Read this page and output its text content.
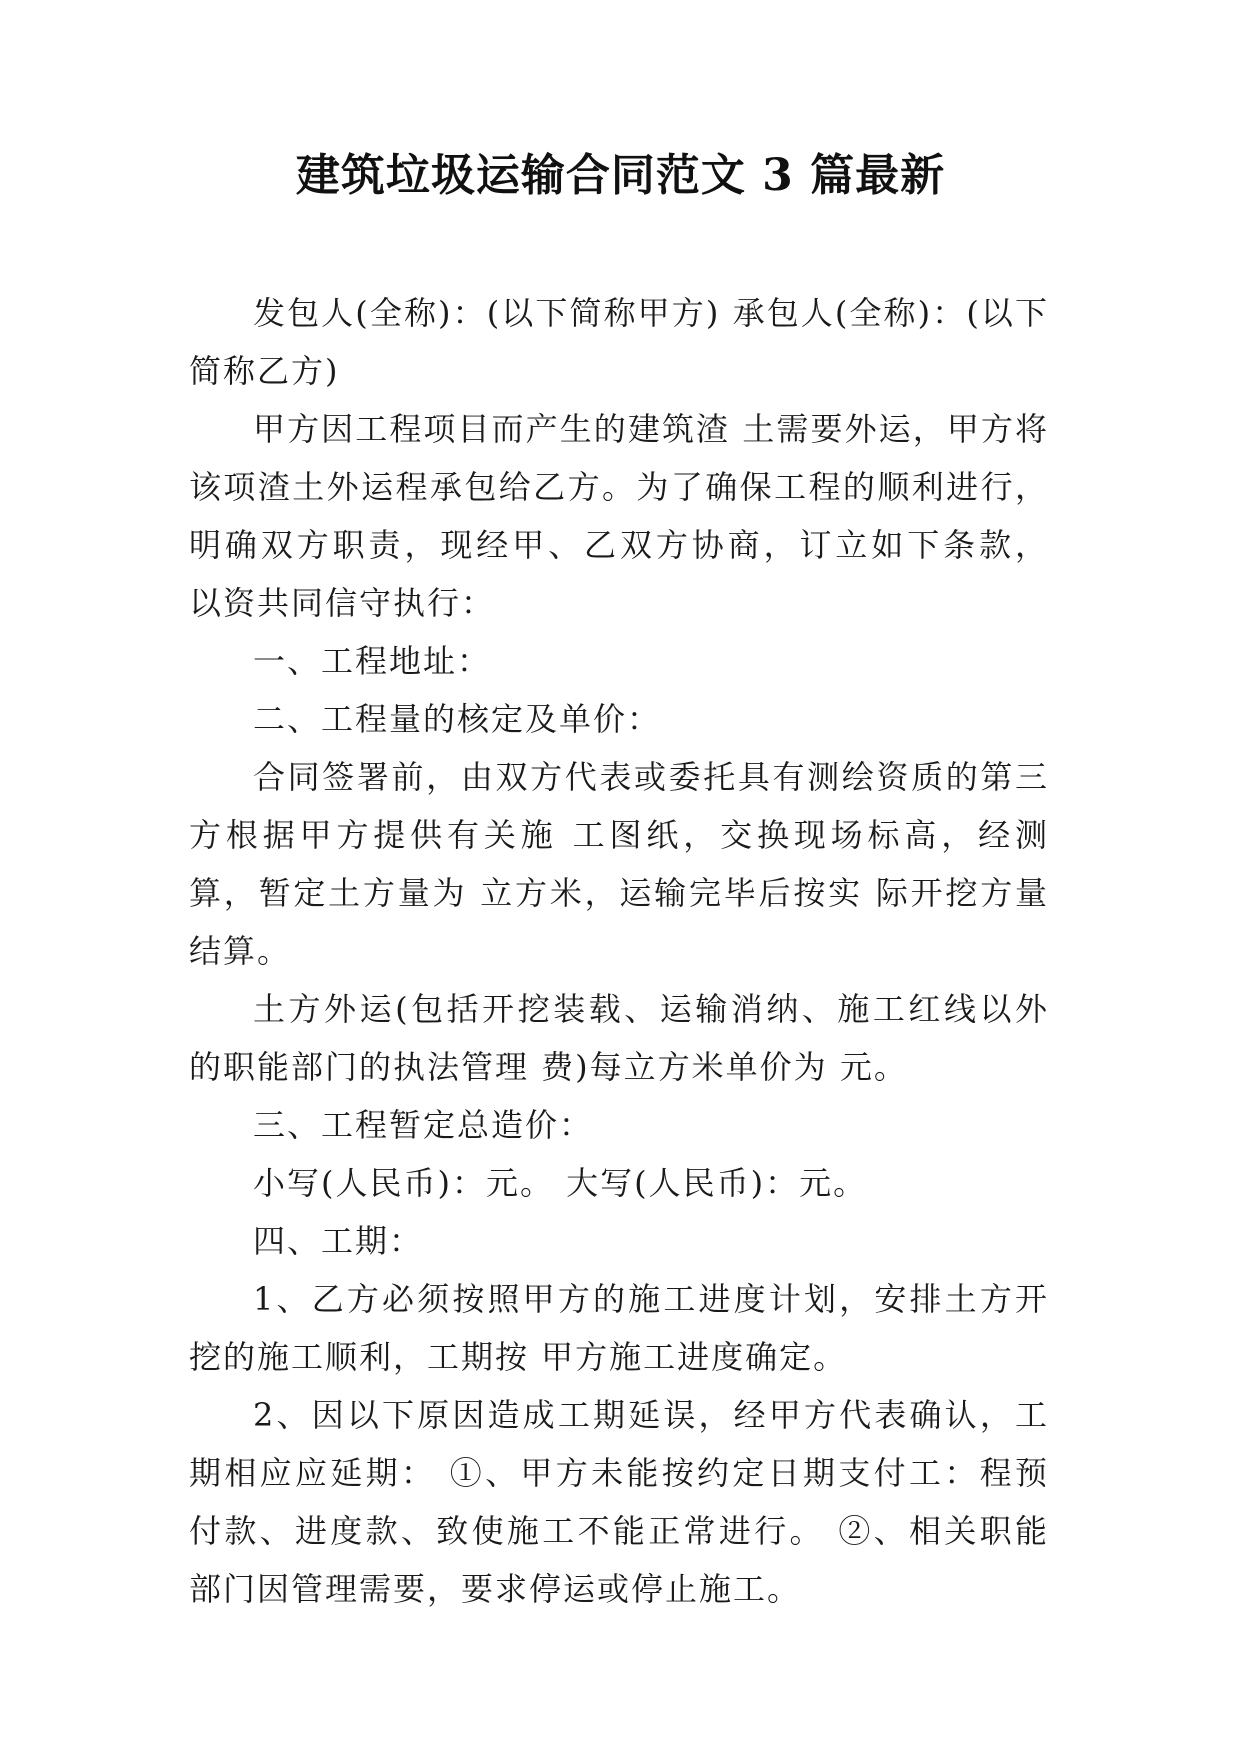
建筑垃圾运输合同范文 3 篇最新

发包人(全称)：(以下简称甲方) 承包人(全称)：(以下简称乙方)

甲方因工程项目而产生的建筑渣 土需要外运，甲方将该项渣土外运程承包给乙方。为了确保工程的顺利进行，明确双方职责，现经甲、乙双方协商，订立如下条款， 以资共同信守执行：

一、工程地址：

二、工程量的核定及单价：

合同签署前，由双方代表或委托具有测绘资质的第三方根据甲方提供有关施 工图纸，交换现场标高，经测算，暂定土方量为 立方米，运输完毕后按实 际开挖方量结算。

土方外运(包括开挖装载、运输消纳、施工红线以外的职能部门的执法管理 费)每立方米单价为 元。

三、工程暂定总造价：

小写(人民币)：元。 大写(人民币)：元。

四、工期：

1、乙方必须按照甲方的施工进度计划，安排土方开挖的施工顺利，工期按 甲方施工进度确定。

2、因以下原因造成工期延误，经甲方代表确认，工期相应应延期： ①、甲方未能按约定日期支付工：程预付款、进度款、致使施工不能正常进行。 ②、相关职能部门因管理需要，要求停运或停止施工。
